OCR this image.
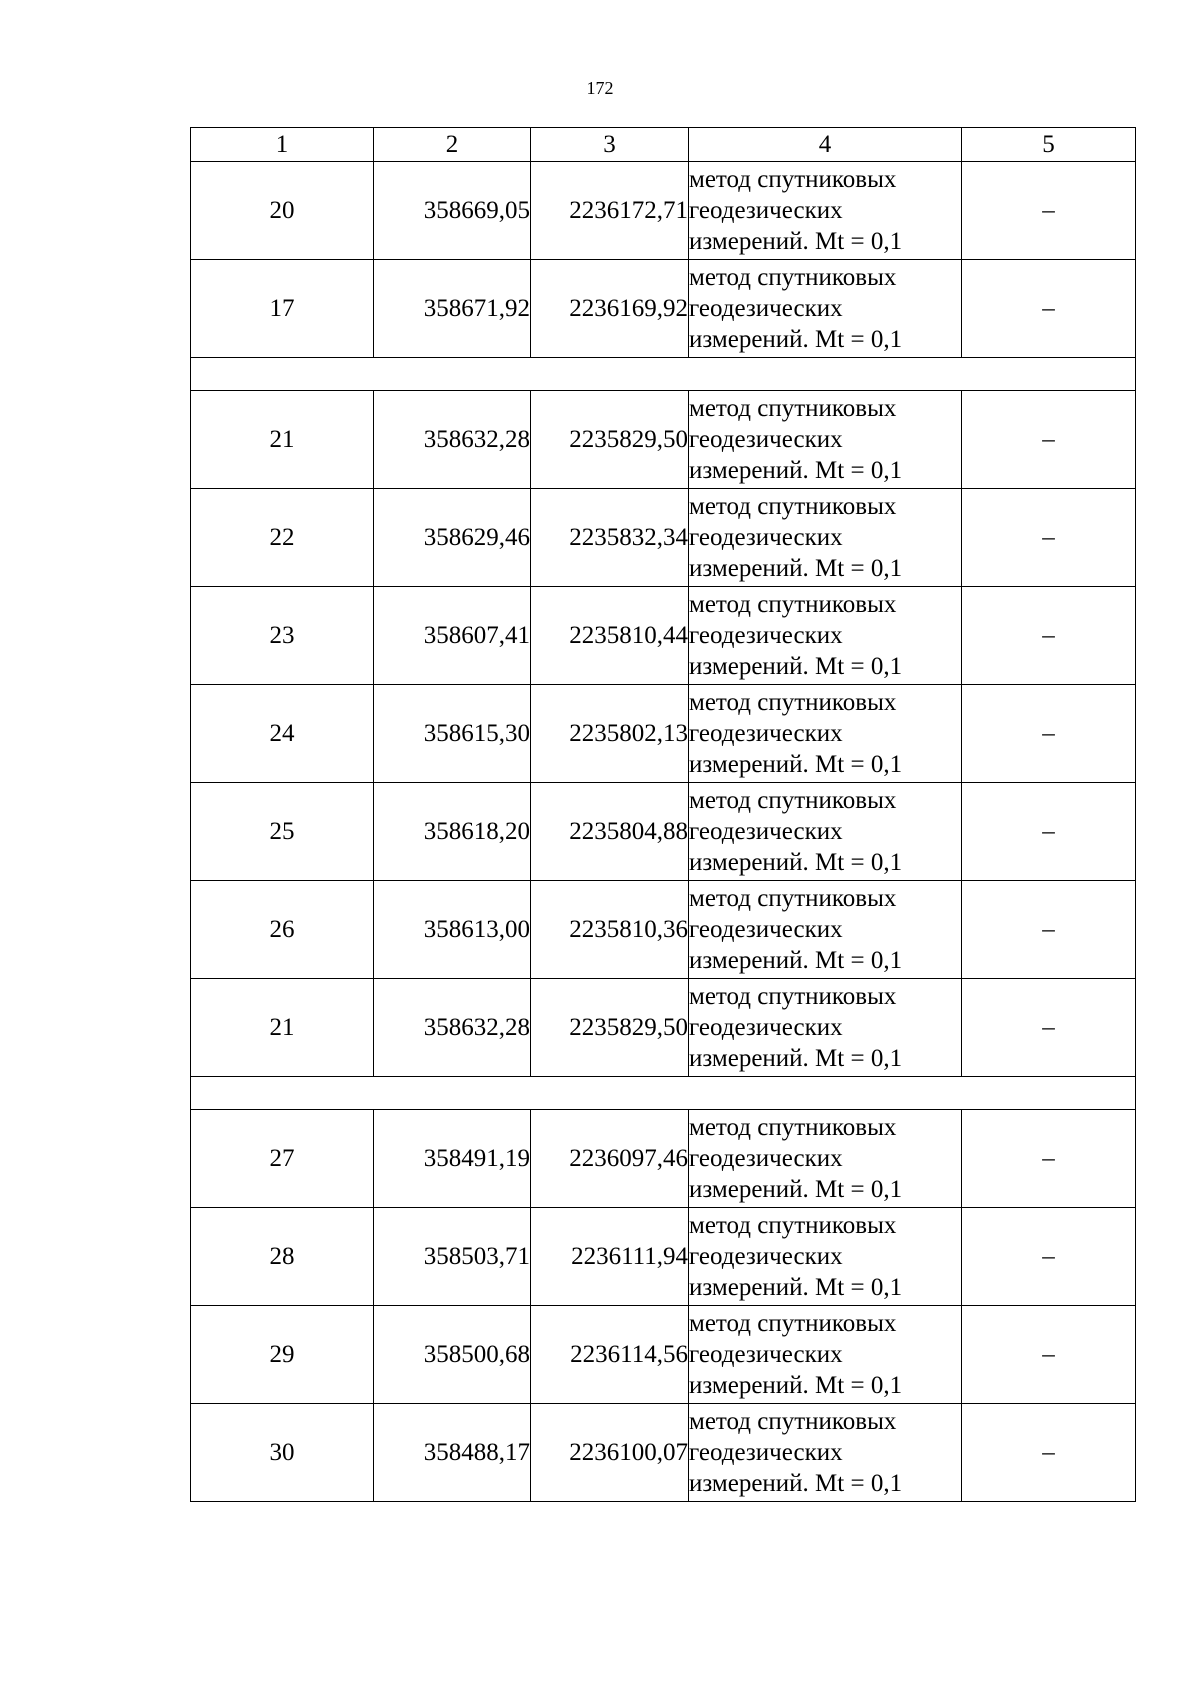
172
1	2	3	4	5
20	358669,05	2236172,71	метод спутниковых
геодезических
измерений. Mt = 0,1	–
17	358671,92	2236169,92	метод спутниковых
геодезических
измерений. Mt = 0,1	–

21	358632,28	2235829,50	метод спутниковых
геодезических
измерений. Mt = 0,1	–
22	358629,46	2235832,34	метод спутниковых
геодезических
измерений. Mt = 0,1	–
23	358607,41	2235810,44	метод спутниковых
геодезических
измерений. Mt = 0,1	–
24	358615,30	2235802,13	метод спутниковых
геодезических
измерений. Mt = 0,1	–
25	358618,20	2235804,88	метод спутниковых
геодезических
измерений. Mt = 0,1	–
26	358613,00	2235810,36	метод спутниковых
геодезических
измерений. Mt = 0,1	–
21	358632,28	2235829,50	метод спутниковых
геодезических
измерений. Mt = 0,1	–

27	358491,19	2236097,46	метод спутниковых
геодезических
измерений. Mt = 0,1	–
28	358503,71	2236111,94	метод спутниковых
геодезических
измерений. Mt = 0,1	–
29	358500,68	2236114,56	метод спутниковых
геодезических
измерений. Mt = 0,1	–
30	358488,17	2236100,07	метод спутниковых
геодезических
измерений. Mt = 0,1	–
